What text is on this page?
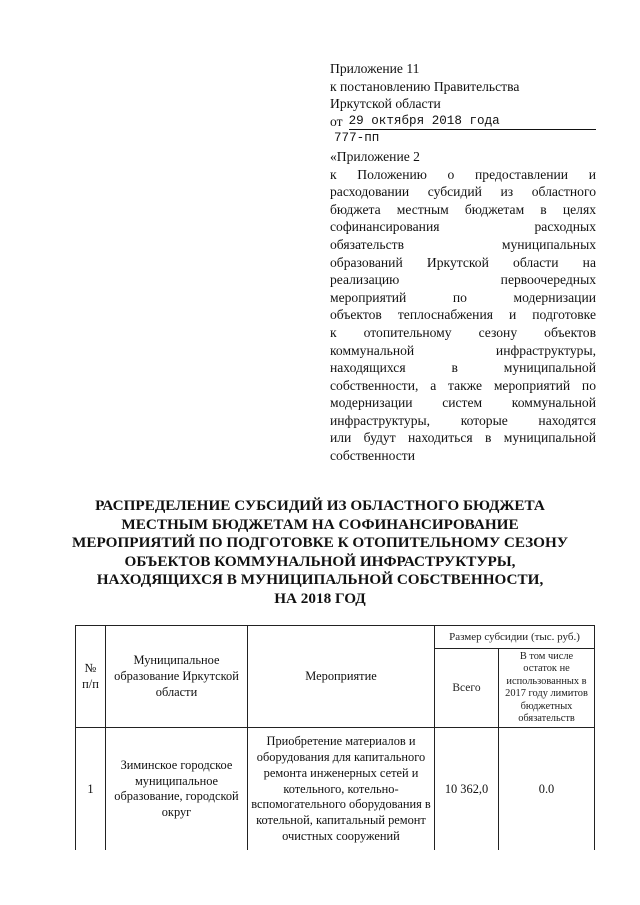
Приложение 11
к постановлению Правительства
Иркутской области
от 29 октября 2018 года
777-пп
«Приложение 2
к Положению о предоставлении и
расходовании субсидий из областного
бюджета местным бюджетам в целях
софинансирования расходных
обязательств муниципальных
образований Иркутской области на
реализацию первоочередных
мероприятий по модернизации
объектов теплоснабжения и подготовке
к отопительному сезону объектов
коммунальной инфраструктуры,
находящихся в муниципальной
собственности, а также мероприятий по
модернизации систем коммунальной
инфраструктуры, которые находятся
или будут находиться в муниципальной
собственности
РАСПРЕДЕЛЕНИЕ СУБСИДИЙ ИЗ ОБЛАСТНОГО БЮДЖЕТА
МЕСТНЫМ БЮДЖЕТАМ НА СОФИНАНСИРОВАНИЕ
МЕРОПРИЯТИЙ ПО ПОДГОТОВКЕ К ОТОПИТЕЛЬНОМУ СЕЗОНУ
ОБЪЕКТОВ КОММУНАЛЬНОЙ ИНФРАСТРУКТУРЫ,
НАХОДЯЩИХСЯ В МУНИЦИПАЛЬНОЙ СОБСТВЕННОСТИ,
НА 2018 ГОД
№ п/п	Муниципальное образование Иркутской области	Мероприятие	Размер субсидии (тыс. руб.)	
			Всего	В том числе остаток не использованных в 2017 году лимитов бюджетных обязательств
1	Зиминское городское муниципальное образование, городской округ	Приобретение материалов и оборудования для капитального ремонта инженерных сетей и котельного, котельно-вспомогательного оборудования в котельной, капитальный ремонт очистных сооружений	10 362,0	0.0
